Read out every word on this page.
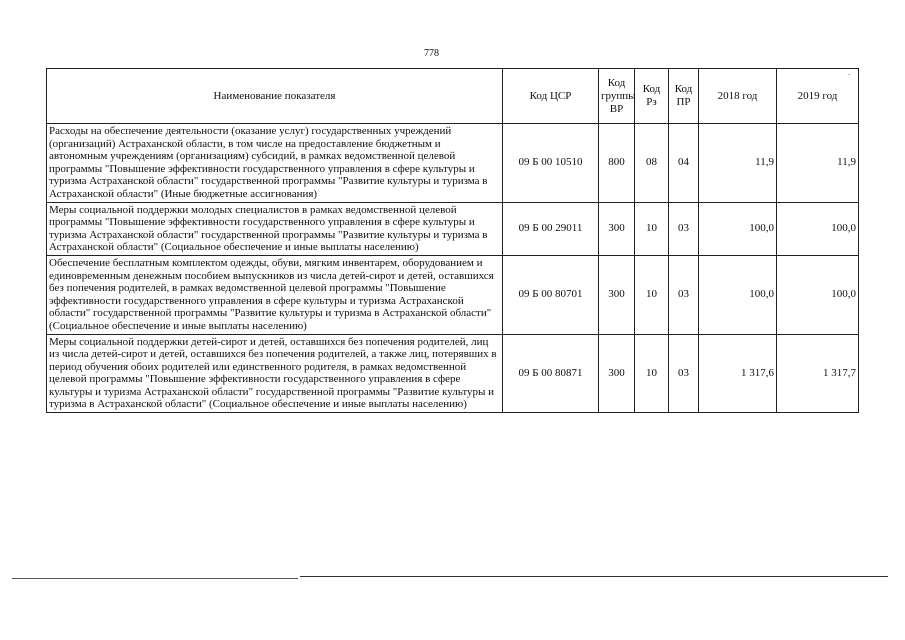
778
-
Наименование показателя	Код ЦСР	Код группы ВР	Код Рз	Код ПР	2018 год	2019 год
Расходы на обеспечение деятельности (оказание услуг) государственных учреждений (организаций) Астраханской области, в том числе на предоставление бюджетным и автономным учреждениям (организациям) субсидий, в рамках ведомственной целевой программы "Повышение эффективности государственного управления в сфере культуры и туризма Астраханской области" государственной программы "Развитие культуры и туризма в Астраханской области" (Иные бюджетные ассигнования)	09 Б 00 10510	800	08	04	11,9	11,9
Меры социальной поддержки молодых специалистов в рамках ведомственной целевой программы "Повышение эффективности государственного управления в сфере культуры и туризма Астраханской области" государственной программы "Развитие культуры и туризма в Астраханской области" (Социальное обеспечение и иные выплаты населению)	09 Б 00 29011	300	10	03	100,0	100,0
Обеспечение бесплатным комплектом одежды, обуви, мягким инвентарем, оборудованием и единовременным денежным пособием выпускников из числа детей-сирот и детей, оставшихся без попечения родителей, в рамках ведомственной целевой программы "Повышение эффективности государственного управления в сфере культуры и туризма Астраханской области" государственной программы "Развитие культуры и туризма в Астраханской области" (Социальное обеспечение и иные выплаты населению)	09 Б 00 80701	300	10	03	100,0	100,0
Меры социальной поддержки детей-сирот и детей, оставшихся без попечения родителей, лиц из числа детей-сирот и детей, оставшихся без попечения родителей, а также лиц, потерявших в период обучения обоих родителей или единственного родителя, в рамках ведомственной целевой программы "Повышение эффективности государственного управления в сфере культуры и туризма Астраханской области" государственной программы "Развитие культуры и туризма в Астраханской области" (Социальное обеспечение и иные выплаты населению)	09 Б 00 80871	300	10	03	1 317,6	1 317,7
